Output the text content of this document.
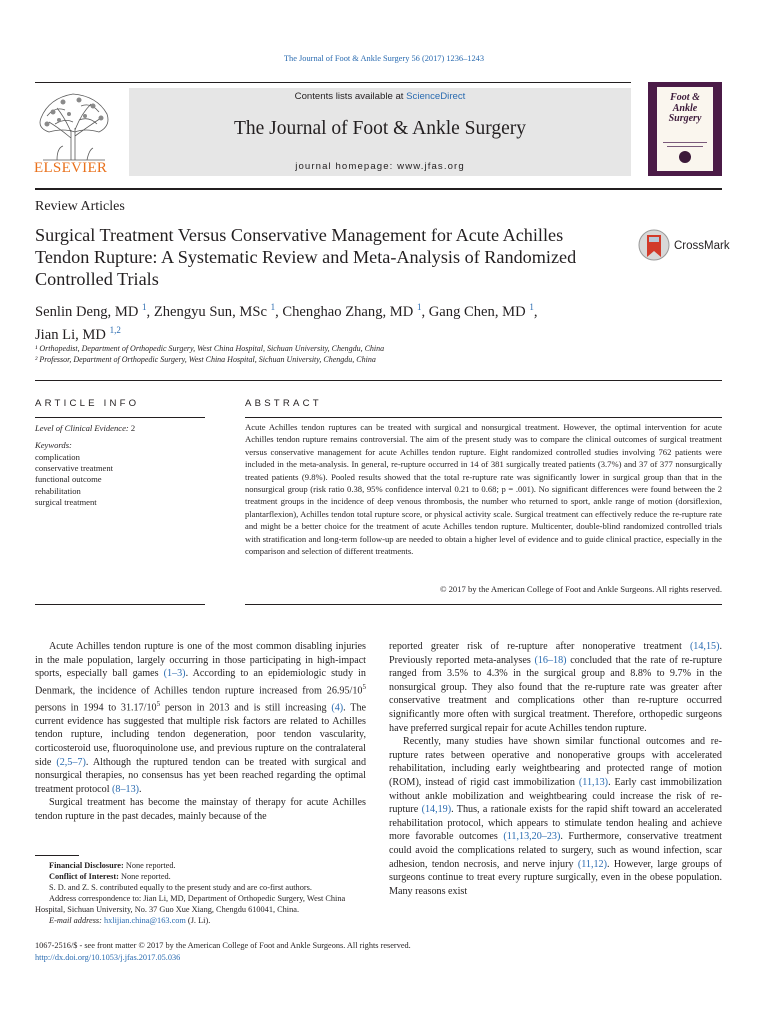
The Journal of Foot & Ankle Surgery 56 (2017) 1236–1243
ELSEVIER
Contents lists available at ScienceDirect
The Journal of Foot & Ankle Surgery
journal homepage: www.jfas.org
Foot & Ankle Surgery
Review Articles
Surgical Treatment Versus Conservative Management for Acute Achilles Tendon Rupture: A Systematic Review and Meta-Analysis of Randomized Controlled Trials
CrossMark
Senlin Deng, MD $^1$, Zhengyu Sun, MSc $^1$, Chenghao Zhang, MD $^1$, Gang Chen, MD $^1$,
Jian Li, MD $^{1,2}$
¹ Orthopedist, Department of Orthopedic Surgery, West China Hospital, Sichuan University, Chengdu, China
² Professor, Department of Orthopedic Surgery, West China Hospital, Sichuan University, Chengdu, China
ARTICLE INFO	ABSTRACT
Level of Clinical Evidence: 2
Keywords:
complication
conservative treatment
functional outcome
rehabilitation
surgical treatment
Acute Achilles tendon ruptures can be treated with surgical and nonsurgical treatment. However, the optimal intervention for acute Achilles tendon rupture remains controversial. The aim of the present study was to compare the clinical outcomes of surgical treatment versus conservative management for acute Achilles tendon rupture. Eight randomized controlled studies involving 762 patients were included in the meta-analysis. In general, re-rupture occurred in 14 of 381 surgically treated patients (3.7%) and 37 of 377 nonsurgically treated patients (9.8%). Pooled results showed that the total re-rupture rate was significantly lower in surgical group than that in the nonsurgical group (risk ratio 0.38, 95% confidence interval 0.21 to 0.68; p = .001). No significant differences were found between the 2 treatment groups in the incidence of deep venous thrombosis, the number who returned to sport, ankle range of motion (dorsiflexion, plantarflexion), Achilles tendon total rupture score, or physical activity scale. Surgical treatment can effectively reduce the re-rupture rate and might be a better choice for the treatment of acute Achilles tendon rupture. Multicenter, double-blind randomized controlled trials with stratification and long-term follow-up are needed to obtain a higher level of evidence and to guide clinical practice, especially in the comparison and selection of different treatments.
© 2017 by the American College of Foot and Ankle Surgeons. All rights reserved.

Acute Achilles tendon rupture is one of the most common disabling injuries in the male population, largely occurring in those participating in high-impact sports, especially ball games (1–3). According to an epidemiologic study in Denmark, the incidence of Achilles tendon rupture increased from $26.95/10^5$ persons in 1994 to $31.17/10^5$ person in 2013 and is still increasing (4). The current evidence has suggested that multiple risk factors are related to Achilles tendon rupture, including tendon degeneration, poor tendon vascularity, corticosteroid use, fluoroquinolone use, and previous rupture on the contralateral side (2,5–7). Although the ruptured tendon can be treated with surgical and nonsurgical therapies, no consensus has yet been reached regarding the optimal treatment protocol (8–13).

Surgical treatment has become the mainstay of therapy for acute Achilles tendon rupture in the past decades, mainly because of the

Financial Disclosure: None reported.

Conflict of Interest: None reported.

S. D. and Z. S. contributed equally to the present study and are co-first authors.

Address correspondence to: Jian Li, MD, Department of Orthopedic Surgery, West China Hospital, Sichuan University, No. 37 Guo Xue Xiang, Chengdu 610041, China.

E-mail address: hxlijian.china@163.com (J. Li).

reported greater risk of re-rupture after nonoperative treatment (14,15). Previously reported meta-analyses (16–18) concluded that the rate of re-rupture ranged from 3.5% to 4.3% in the surgical group and 8.8% to 9.7% in the nonsurgical group. They also found that the re-rupture rate was greater after conservative treatment and complications other than re-rupture occurred significantly more often with surgical treatment. Therefore, orthopedic surgeons have preferred surgical repair for acute Achilles tendon rupture.

Recently, many studies have shown similar functional outcomes and re-rupture rates between operative and nonoperative groups with accelerated rehabilitation, including early weightbearing and protected range of motion (ROM), instead of rigid cast immobilization (11,13). Early cast immobilization without ankle mobilization and weightbearing could increase the risk of re-rupture (14,19). Thus, a rationale exists for the rapid shift toward an accelerated rehabilitation protocol, which appears to stimulate tendon healing and achieve more favorable outcomes (11,13,20–23). Furthermore, conservative treatment could avoid the complications related to surgery, such as wound infection, scar adhesion, tendon necrosis, and nerve injury (11,12). However, large groups of surgeons continue to treat every rupture surgically, even in the obese population. Many reasons exist

1067-2516/$ - see front matter © 2017 by the American College of Foot and Ankle Surgeons. All rights reserved.
http://dx.doi.org/10.1053/j.jfas.2017.05.036
